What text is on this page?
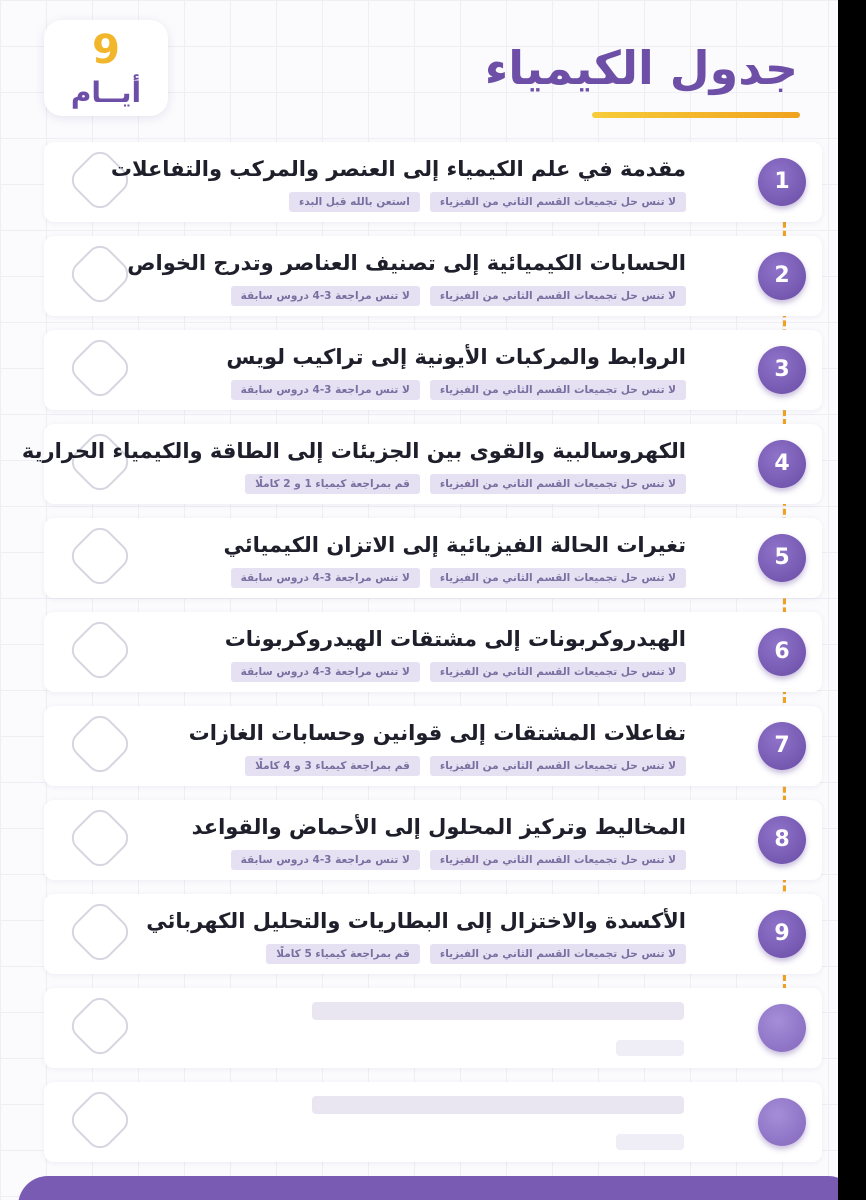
9
أيــام	جدول الكيمياء
1
مقدمة في علم الكيمياء إلى العنصر والمركب والتفاعلات
لا تنس حل تجميعات القسم الثاني من الفيزياء
استعن بالله قبل البدء
2
الحسابات الكيميائية إلى تصنيف العناصر وتدرج الخواص
لا تنس حل تجميعات القسم الثاني من الفيزياء
لا تنس مراجعة 3-4 دروس سابقة
3
الروابط والمركبات الأيونية إلى تراكيب لويس
لا تنس حل تجميعات القسم الثاني من الفيزياء
لا تنس مراجعة 3-4 دروس سابقة
4
الكهروسالبية والقوى بين الجزيئات إلى الطاقة والكيمياء الحرارية
لا تنس حل تجميعات القسم الثاني من الفيزياء
قم بمراجعة كيمياء 1 و 2 كاملًا
5
تغيرات الحالة الفيزيائية إلى الاتزان الكيميائي
لا تنس حل تجميعات القسم الثاني من الفيزياء
لا تنس مراجعة 3-4 دروس سابقة
6
الهيدروكربونات إلى مشتقات الهيدروكربونات
لا تنس حل تجميعات القسم الثاني من الفيزياء
لا تنس مراجعة 3-4 دروس سابقة
7
تفاعلات المشتقات إلى قوانين وحسابات الغازات
لا تنس حل تجميعات القسم الثاني من الفيزياء
قم بمراجعة كيمياء 3 و 4 كاملًا
8
المخاليط وتركيز المحلول إلى الأحماض والقواعد
لا تنس حل تجميعات القسم الثاني من الفيزياء
لا تنس مراجعة 3-4 دروس سابقة
9
الأكسدة والاختزال إلى البطاريات والتحليل الكهربائي
لا تنس حل تجميعات القسم الثاني من الفيزياء
قم بمراجعة كيمياء 5 كاملًا
